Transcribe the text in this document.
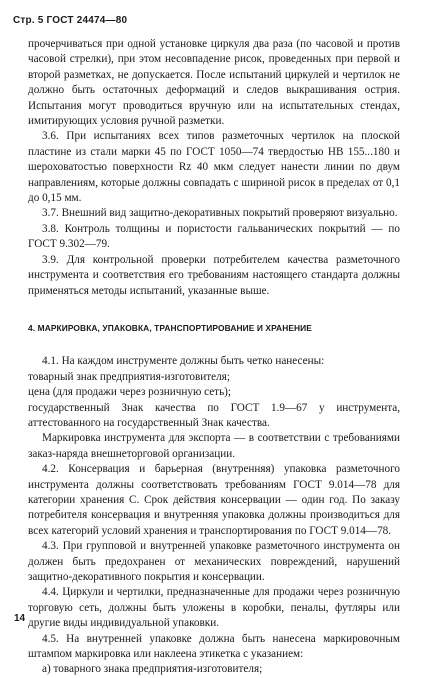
Стр. 5 ГОСТ 24474—80

прочерчиваться при одной установке циркуля два раза (по часовой и против часовой стрелки), при этом несовпадение рисок, проведенных при первой и второй разметках, не допускается. После испытаний циркулей и чертилок не должно быть остаточных деформаций и следов выкрашивания острия. Испытания могут проводиться вручную или на испытательных стендах, имитирующих условия ручной разметки.

3.6. При испытаниях всех типов разметочных чертилок на плоской пластине из стали марки 45 по ГОСТ 1050—74 твердостью НВ 155...180 и шероховатостью поверхности Rz 40 мкм следует нанести линии по двум направлениям, которые должны совпадать с шириной рисок в пределах от 0,1 до 0,15 мм.

3.7. Внешний вид защитно-декоративных покрытий проверяют визуально.

3.8. Контроль толщины и пористости гальванических покрытий — по ГОСТ 9.302—79.

3.9. Для контрольной проверки потребителем качества разметочного инструмента и соответствия его требованиям настоящего стандарта должны применяться методы испытаний, указанные выше.

4. МАРКИРОВКА, УПАКОВКА, ТРАНСПОРТИРОВАНИЕ И ХРАНЕНИЕ

4.1. На каждом инструменте должны быть четко нанесены:

товарный знак предприятия-изготовителя;

цена (для продажи через розничную сеть);

государственный Знак качества по ГОСТ 1.9—67 у инструмента, аттестованного на государственный Знак качества.

Маркировка инструмента для экспорта — в соответствии с требованиями заказ-наряда внешнеторговой организации.

4.2. Консервация и барьерная (внутренняя) упаковка разметочного инструмента должны соответствовать требованиям ГОСТ 9.014—78 для категории хранения С. Срок действия консервации — один год. По заказу потребителя консервация и внутренняя упаковка должны производиться для всех категорий условий хранения и транспортирования по ГОСТ 9.014—78.

4.3. При групповой и внутренней упаковке разметочного инструмента он должен быть предохранен от механических повреждений, нарушений защитно-декоративного покрытия и консервации.

4.4. Циркули и чертилки, предназначенные для продажи через розничную торговую сеть, должны быть уложены в коробки, пеналы, футляры или другие виды индивидуальной упаковки.

4.5. На внутренней упаковке должна быть нанесена маркировочным штампом маркировка или наклеена этикетка с указанием:

а) товарного знака предприятия-изготовителя;

14
